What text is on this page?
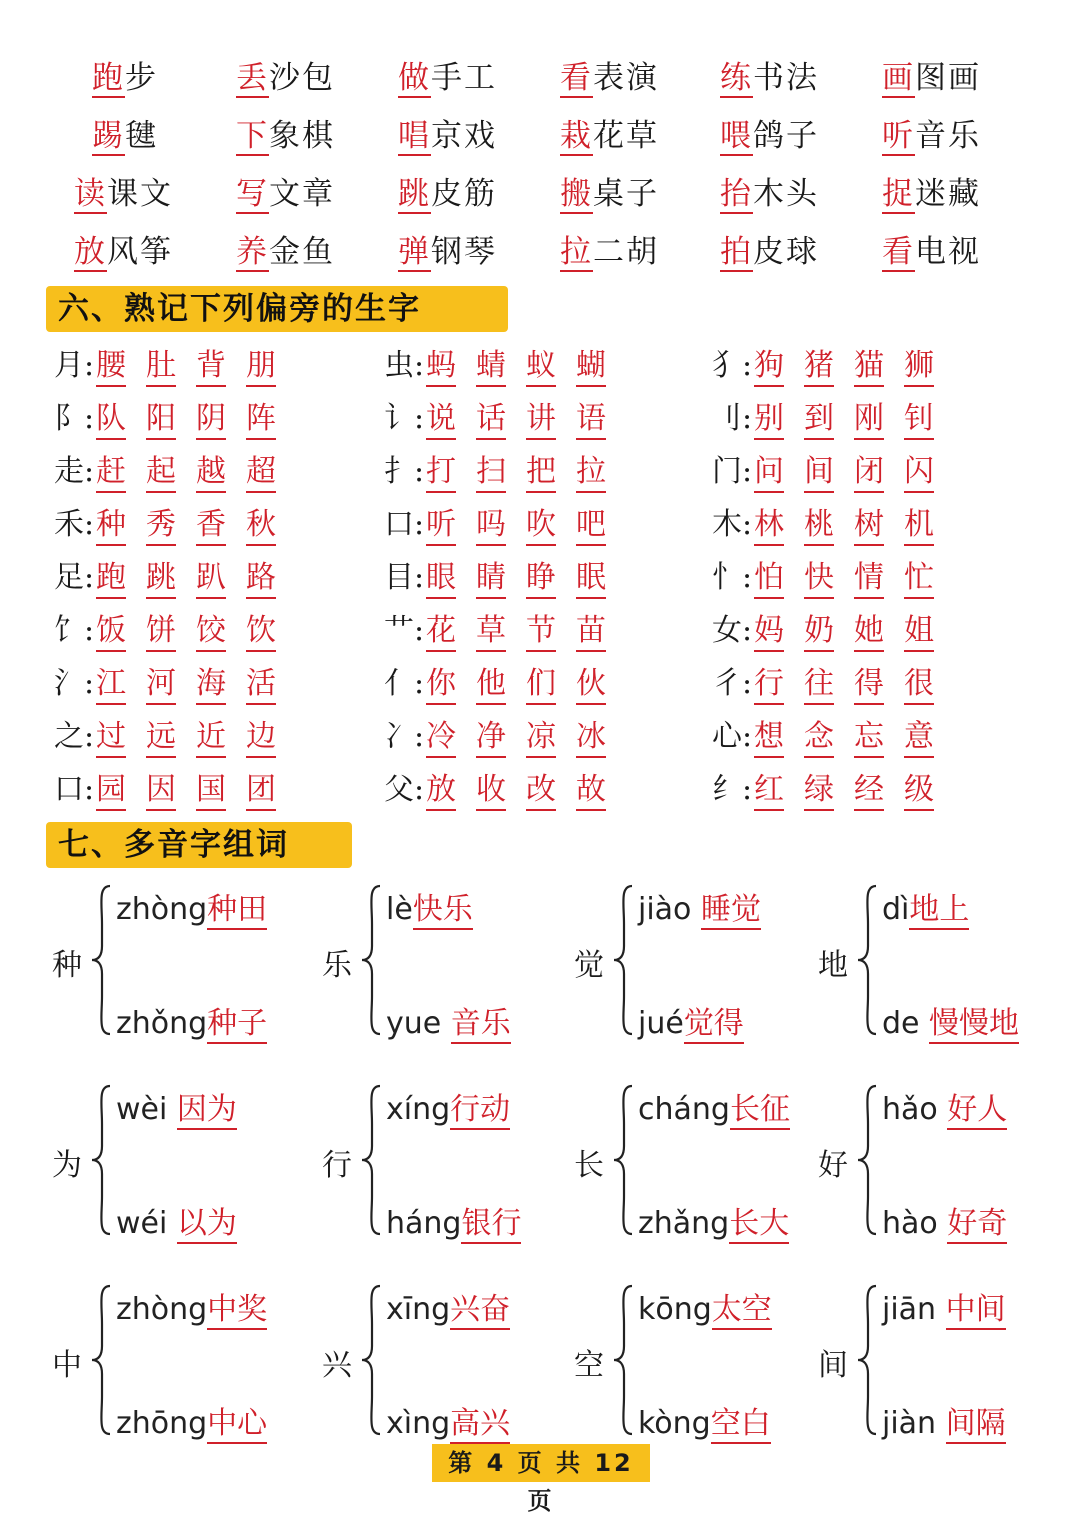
跑步	丢沙包 做手工 看表演 练书法 画图画
踢毽	下象棋 唱京戏 栽花草 喂鸽子 听音乐
读课文 写文章 跳皮筋 搬桌子 抬木头 捉迷藏
放风筝 养金鱼 弹钢琴 拉二胡 拍皮球 看电视
六、熟记下列偏旁的生字
月:腰 肚 背 朋	虫:蚂 蜻 蚁 蝴	犭:狗 猪 猫 狮
阝:队 阳 阴 阵	讠:说 话 讲 语	刂:别 到 刚 钊
走:赶 起 越 超	扌:打 扫 把 拉	门:问 间 闭 闪
禾:种 秀 香 秋	口:听 吗 吹 吧	木:林 桃 树 机
足:跑 跳 趴 路	目:眼 睛 睁 眠	忄:怕 快 情 忙
饣:饭 饼 饺 饮	艹:花 草 节 苗	女:妈 奶 她 姐
氵:江 河 海 活	亻:你 他 们 伙	彳:行 往 得 很
之:过 远 近 边	冫:冷 净 凉 冰	心:想 念 忘 意
口:园 因 国 团	父:放 收 改 故	纟:红 绿 经 级
七、多音字组词
种
zhòng种田
zhǒng种子
乐
lè快乐
yue 音乐
觉
jiào 睡觉
jué觉得
地
dì地上
de 慢慢地
为
wèi 因为
wéi 以为
行
xíng行动
háng银行
长
cháng长征
zhǎng长大
好
hǎo 好人
hào 好奇
中
zhòng中奖
zhōng中心
兴
xīng兴奋
xìng高兴
空
kōng太空
kòng空白
间
jiān 中间
jiàn 间隔
第 4 页 共 12 页
